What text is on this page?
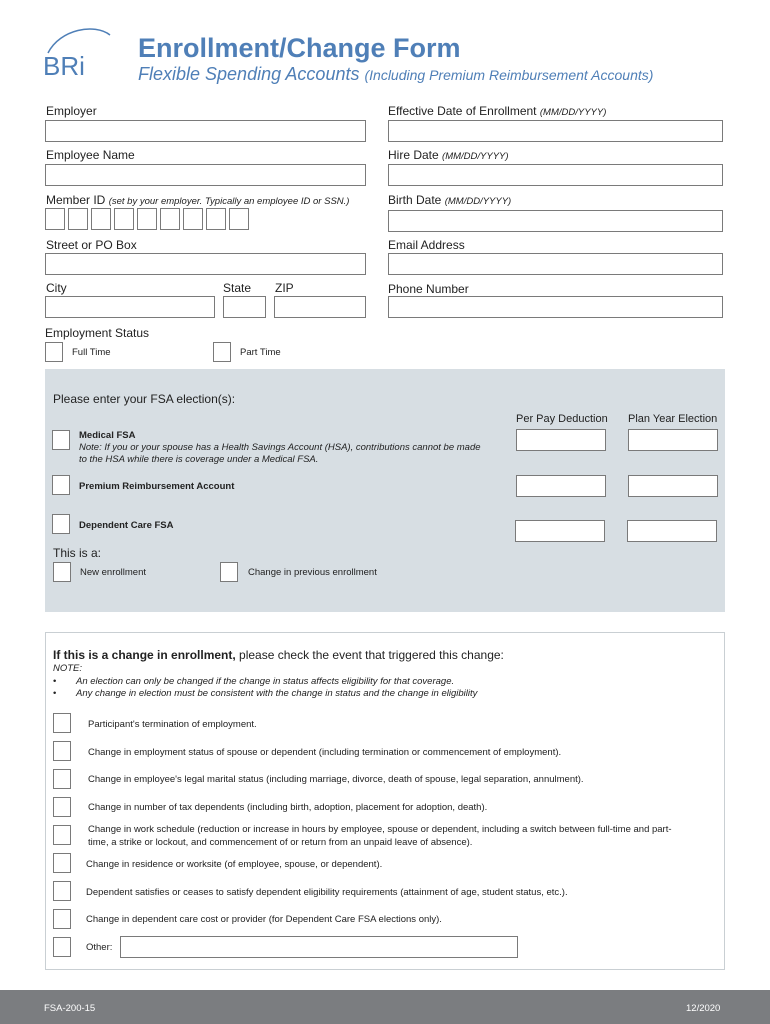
BRi
Enrollment/Change Form
Flexible Spending Accounts (Including Premium Reimbursement Accounts)
Employer	Effective Date of Enrollment (MM/DD/YYYY)
Employee Name	Hire Date (MM/DD/YYYY)
Member ID (set by your employer. Typically an employee ID or SSN.)	Birth Date (MM/DD/YYYY)
Street or PO Box	Email Address
City	State ZIP	Phone Number
Employment Status
Full Time	Part Time
Please enter your FSA election(s):
Per Pay Deduction Plan Year Election
Medical FSA
Note: If you or your spouse has a Health Savings Account (HSA), contributions cannot be made
to the HSA while there is coverage under a Medical FSA.
Premium Reimbursement Account
Dependent Care FSA
This is a:
New enrollment	Change in previous enrollment
If this is a change in enrollment, please check the event that triggered this change:
NOTE:
• An election can only be changed if the change in status affects eligibility for that coverage.
• Any change in election must be consistent with the change in status and the change in eligibility
Participant's termination of employment.
Change in employment status of spouse or dependent (including termination or commencement of employment).
Change in employee's legal marital status (including marriage, divorce, death of spouse, legal separation, annulment).
Change in number of tax dependents (including birth, adoption, placement for adoption, death).
Change in work schedule (reduction or increase in hours by employee, spouse or dependent, including a switch between full-time and part-
time, a strike or lockout, and commencement of or return from an unpaid leave of absence).
Change in residence or worksite (of employee, spouse, or dependent).
Dependent satisfies or ceases to satisfy dependent eligibility requirements (attainment of age, student status, etc.).
Change in dependent care cost or provider (for Dependent Care FSA elections only).
Other:
FSA-200-15	12/2020
